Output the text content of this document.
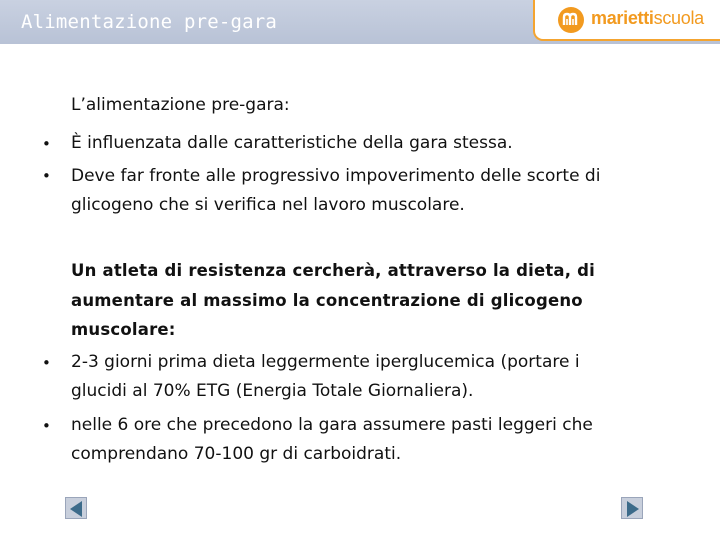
Alimentazione pre-gara	mariettiscuola
L’alimentazione pre-gara:
• È influenzata dalle caratteristiche della gara stessa.
• Deve far fronte alle progressivo impoverimento delle scorte di
glicogeno che si verifica nel lavoro muscolare.
Un atleta di resistenza cercherà, attraverso la dieta, di
aumentare al massimo la concentrazione di glicogeno
muscolare:
• 2-3 giorni prima dieta leggermente iperglucemica (portare i
glucidi al 70% ETG (Energia Totale Giornaliera).
• nelle 6 ore che precedono la gara assumere pasti leggeri che
comprendano 70-100 gr di carboidrati.
